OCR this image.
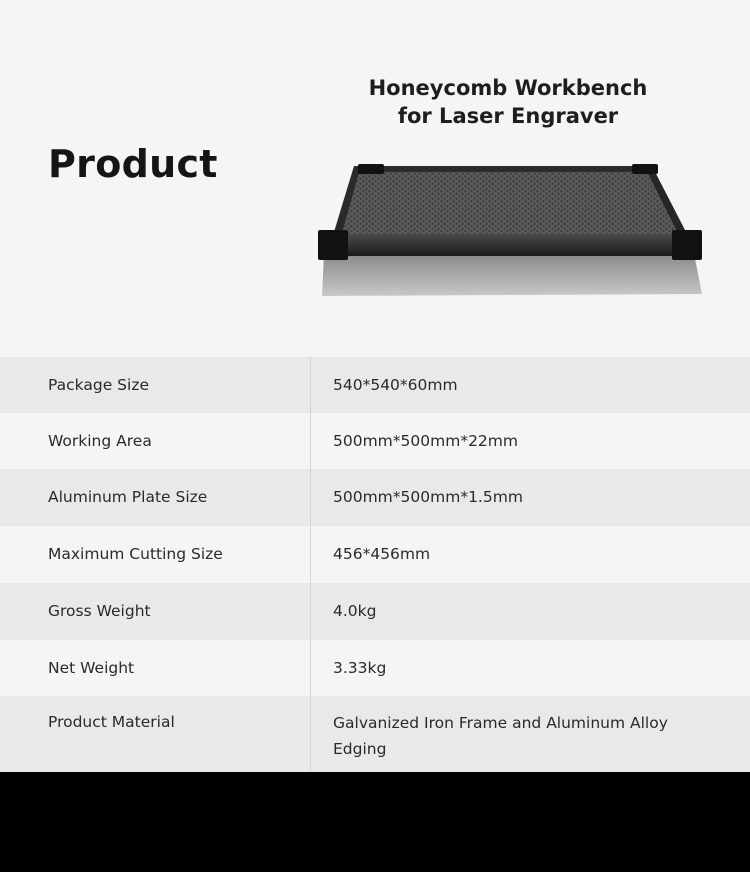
Product
Honeycomb Workbench
for Laser Engraver
Package Size	540*540*60mm
Working Area	500mm*500mm*22mm
Aluminum Plate Size	500mm*500mm*1.5mm
Maximum Cutting Size	456*456mm
Gross Weight	4.0kg
Net Weight	3.33kg
Product Material	Galvanized Iron Frame and Aluminum Alloy Edging
